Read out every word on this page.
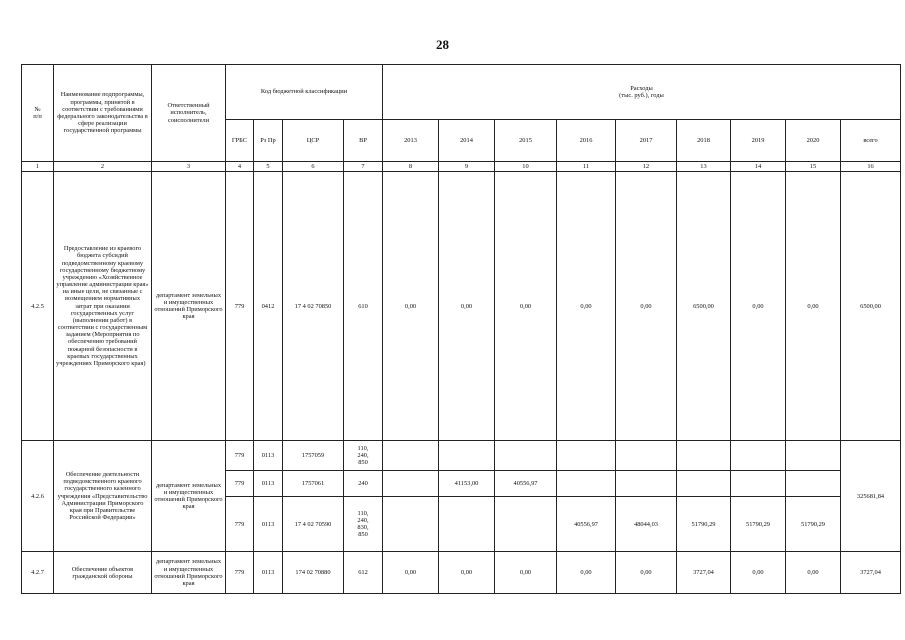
28
№
п/п	Наименование подпрограммы, программы, принятой в соответствии с требованиями федерального законодательства в сфере реализации государственной программы	Ответственный исполнитель, соисполнители	Код бюджетной классификации				Расходы
(тыс. руб.), годы								
			ГРБС	Рз Пр	ЦСР	ВР	2013	2014	2015	2016	2017	2018	2019	2020	всего
1	2	3	4	5	6	7	8	9	10	11	12	13	14	15	16
4.2.5	Предоставление из краевого бюджета субсидий подведомственному краевому государственному бюджетному учреждению «Хозяйственное управление администрации края» на иные цели, не связанные с возмещением нормативных затрат при оказании государственных услуг (выполнении работ) в соответствии с государственным заданием (Мероприятия по обеспечению требований пожарной безопасности в краевых государственных учреждениях Приморского края)	департамент земельных и имущественных отношений Приморского края	779	0412	17 4 02 70850	610	0,00	0,00	0,00	0,00	0,00	6500,00	0,00	0,00	6500,00
4.2.6	Обеспечение деятельности подведомственного краевого государственного казенного учреждения «Представительство Администрации Приморского края при Правительстве Российской Федерации»	департамент земельных и имущественных отношений Приморского края	779	0113	1757059	110,
240,
850									325681,84
			779	0113	1757061	240		41153,00	40556,97						
			779	0113	17 4 02 70590	110,
240,
830,
850				40556,97	48044,03	51790,29	51790,29	51790,29	
4.2.7	Обеспечение объектов гражданской обороны	департамент земельных и имущественных отношений Приморского края	779	0113	174 02 70880	612	0,00	0,00	0,00	0,00	0,00	3727,04	0,00	0,00	3727,04
